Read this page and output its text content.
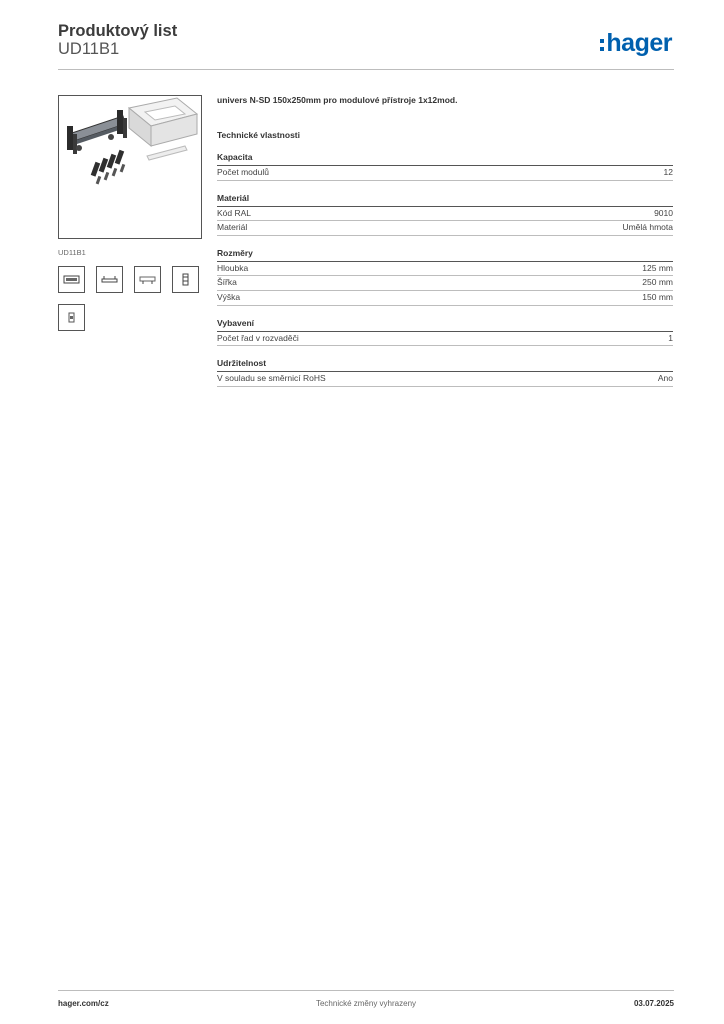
Produktový list
UD11B1	hager
UD11B1
univers N-SD 150x250mm pro modulové přístroje 1x12mod.
Technické vlastnosti
Kapacita
Počet modulů	12
Materiál
Kód RAL	9010
Materiál	Umělá hmota
Rozměry
Hloubka	125 mm
Šířka	250 mm
Výška	150 mm
Vybavení
Počet řad v rozvaděči	1
Udržitelnost
V souladu se směrnicí RoHS	Ano
hager.com/cz	Technické změny vyhrazeny	03.07.2025
